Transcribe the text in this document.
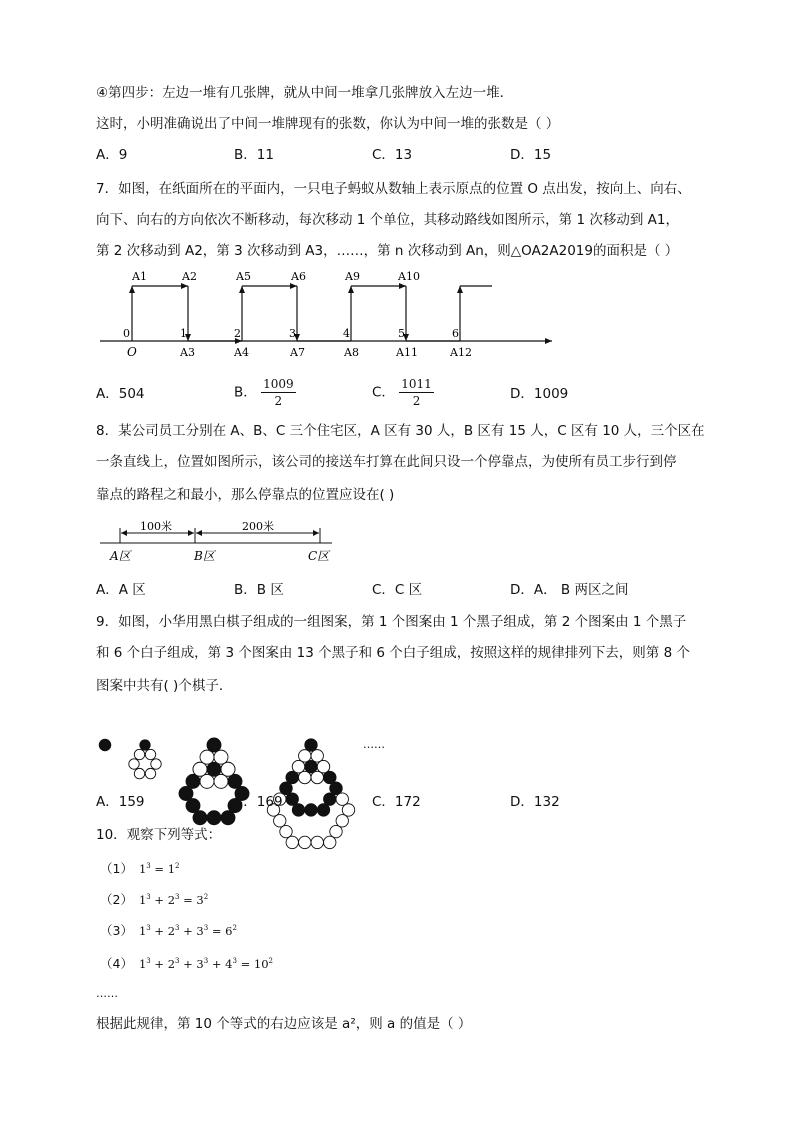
④第四步：左边一堆有几张牌，就从中间一堆拿几张牌放入左边一堆．
这时，小明准确说出了中间一堆牌现有的张数，你认为中间一堆的张数是（ ）
A．9	B．11	C．13	D．15
7．如图，在纸面所在的平面内，一只电子蚂蚁从数轴上表示原点的位置 O 点出发，按向上、向右、
向下、向右的方向依次不断移动，每次移动 1 个单位，其移动路线如图所示，第 1 次移动到 A1，
第 2 次移动到 A2，第 3 次移动到 A3，……，第 n 次移动到 An，则△OA2A2019的面积是（ ）
A1	A2	A5	A6	A9	A10
0	1	2	3	4	5	6
O	A3	A4	A7	A8	A11	A12
A．504	B． $\frac{1009}{2}$	C． $\frac{1011}{2}$	D．1009
8．某公司员工分别在 A、B、C 三个住宅区，A 区有 30 人，B 区有 15 人，C 区有 10 人，三个区在
一条直线上，位置如图所示，该公司的接送车打算在此间只设一个停靠点，为使所有员工步行到停
靠点的路程之和最小，那么停靠点的位置应设在( )
100米	200米
A区	B区	C区
A．A 区	B．B 区	C．C 区	D．A． B 两区之间
9．如图，小华用黑白棋子组成的一组图案，第 1 个图案由 1 个黑子组成，第 2 个图案由 1 个黑子
和 6 个白子组成，第 3 个图案由 13 个黑子和 6 个白子组成，按照这样的规律排列下去，则第 8 个
图案中共有( )个棋子．
……
A．159	B．169	C．172	D．132
10．观察下列等式：
（1） $1^3 = 1^2$
（2） $1^3 + 2^3 = 3^2$
（3） $1^3 + 2^3 + 3^3 = 6^2$
（4） $1^3 + 2^3 + 3^3 + 4^3 = 10^2$
……
根据此规律，第 10 个等式的右边应该是 a²，则 a 的值是（ ）
